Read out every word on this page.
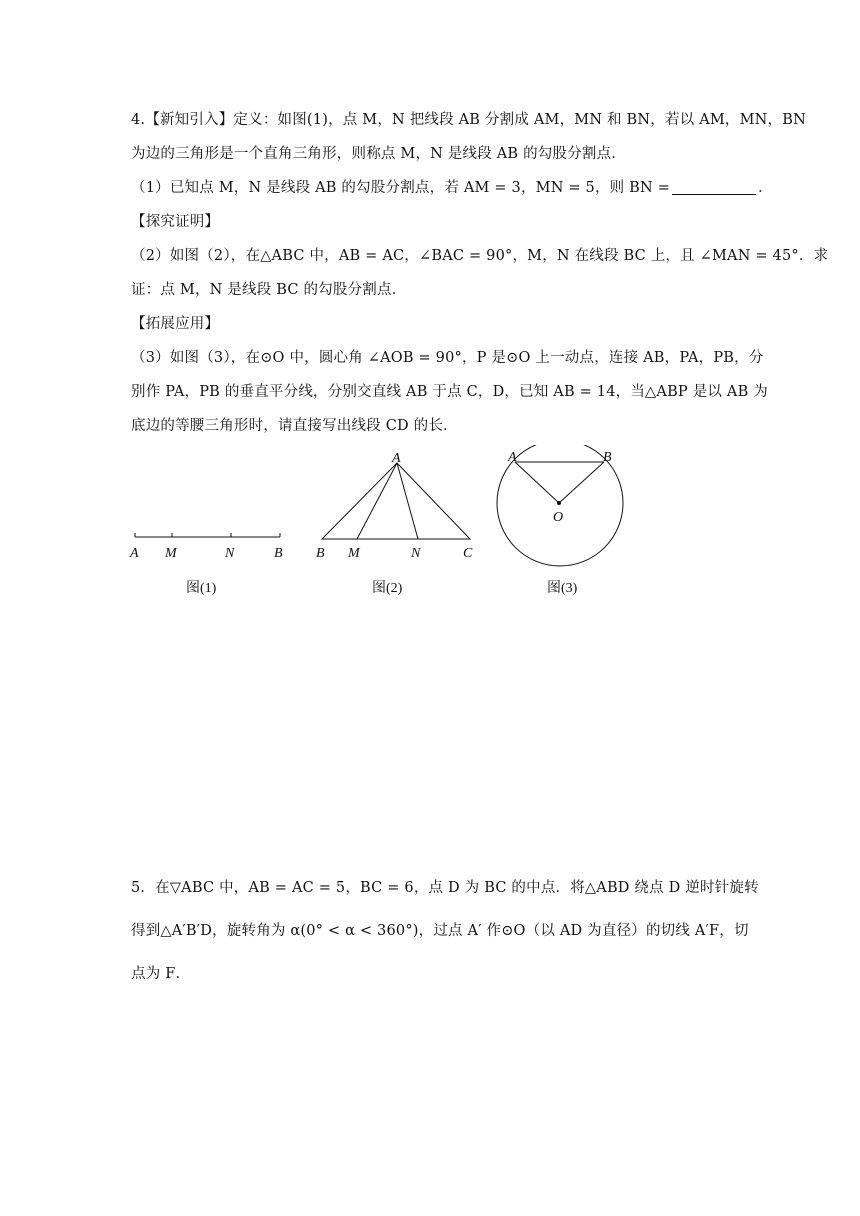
4.【新知引入】定义：如图(1)，点 M，N 把线段 AB 分割成 AM，MN 和 BN，若以 AM，MN，BN
为边的三角形是一个直角三角形，则称点 M，N 是线段 AB 的勾股分割点．
（1）已知点 M，N 是线段 AB 的勾股分割点，若 AM = 3，MN = 5，则 BN =	．
【探究证明】
（2）如图（2），在△ABC 中，AB = AC，∠BAC = 90°，M，N 在线段 BC 上，且 ∠MAN = 45°．求
证：点 M，N 是线段 BC 的勾股分割点．
【拓展应用】
（3）如图（3），在⊙O 中，圆心角 ∠AOB = 90°，P 是⊙O 上一动点，连接 AB，PA，PB，分
别作 PA，PB 的垂直平分线，分别交直线 AB 于点 C，D，已知 AB = 14，当△ABP 是以 AB 为
底边的等腰三角形时，请直接写出线段 CD 的长．
A M	N	B
图(1)
A
B M	N	C
图(2)
A	B
O
图(3)
5．在▽ABC 中，AB = AC = 5，BC = 6，点 D 为 BC 的中点．将△ABD 绕点 D 逆时针旋转
得到△A′B′D，旋转角为 α(0° < α < 360°)，过点 A′ 作⊙O（以 AD 为直径）的切线 A′F，切
点为 F．
